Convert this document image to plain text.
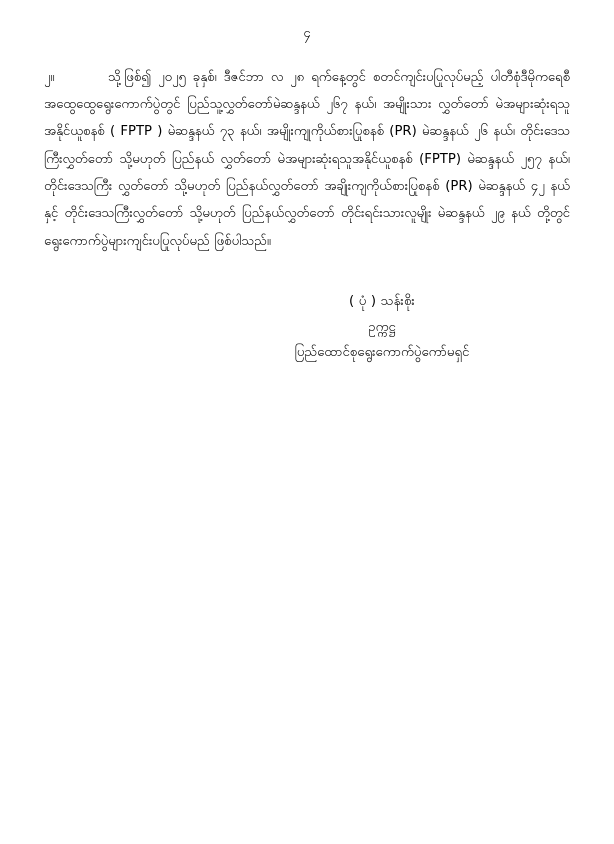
၄

၂။	သို့ဖြစ်၍ ၂၀၂၅ ခုနှစ်၊ ဒီဇင်ဘာ လ ၂၈ ရက်နေ့တွင် စတင်ကျင်းပပြုလုပ်မည့် ပါတီစုံဒီမိုကရေစီအထွေထွေရွေးကောက်ပွဲတွင် ပြည်သူ့လွှတ်တော်မဲဆန္ဒနယ် ၂၆၇ နယ်၊ အမျိုးသား လွှတ်တော် မဲအများဆုံးရသူအနိုင်ယူစနစ် ( FPTP ) မဲဆန္ဒနယ် ၇၃ နယ်၊ အမျိုးကျုကိုယ်စားပြုစနစ် (PR) မဲဆန္ဒနယ် ၂၆ နယ်၊ တိုင်းဒေသကြီးလွှတ်တော် သို့မဟုတ် ပြည်နယ် လွှတ်တော် မဲအများဆုံးရသူအနိုင်ယူစနစ် (FPTP) မဲဆန္ဒနယ် ၂၅၇ နယ်၊ တိုင်းဒေသကြီး လွှတ်တော် သို့မဟုတ် ပြည်နယ်လွှတ်တော် အချိုးကျကိုယ်စားပြုစနစ် (PR) မဲဆန္ဒနယ် ၄၂ နယ်နှင့် တိုင်းဒေသကြီးလွှတ်တော် သို့မဟုတ် ပြည်နယ်လွှတ်တော် တိုင်းရင်းသားလူမျိုး မဲဆန္ဒနယ် ၂၉ နယ် တို့တွင် ရွေးကောက်ပွဲများကျင်းပပြုလုပ်မည် ဖြစ်ပါသည်။

( ပုံ ) သန်းစိုး

ဥက္ကဋ္ဌ

ပြည်ထောင်စုရွေးကောက်ပွဲကော်မရှင်
